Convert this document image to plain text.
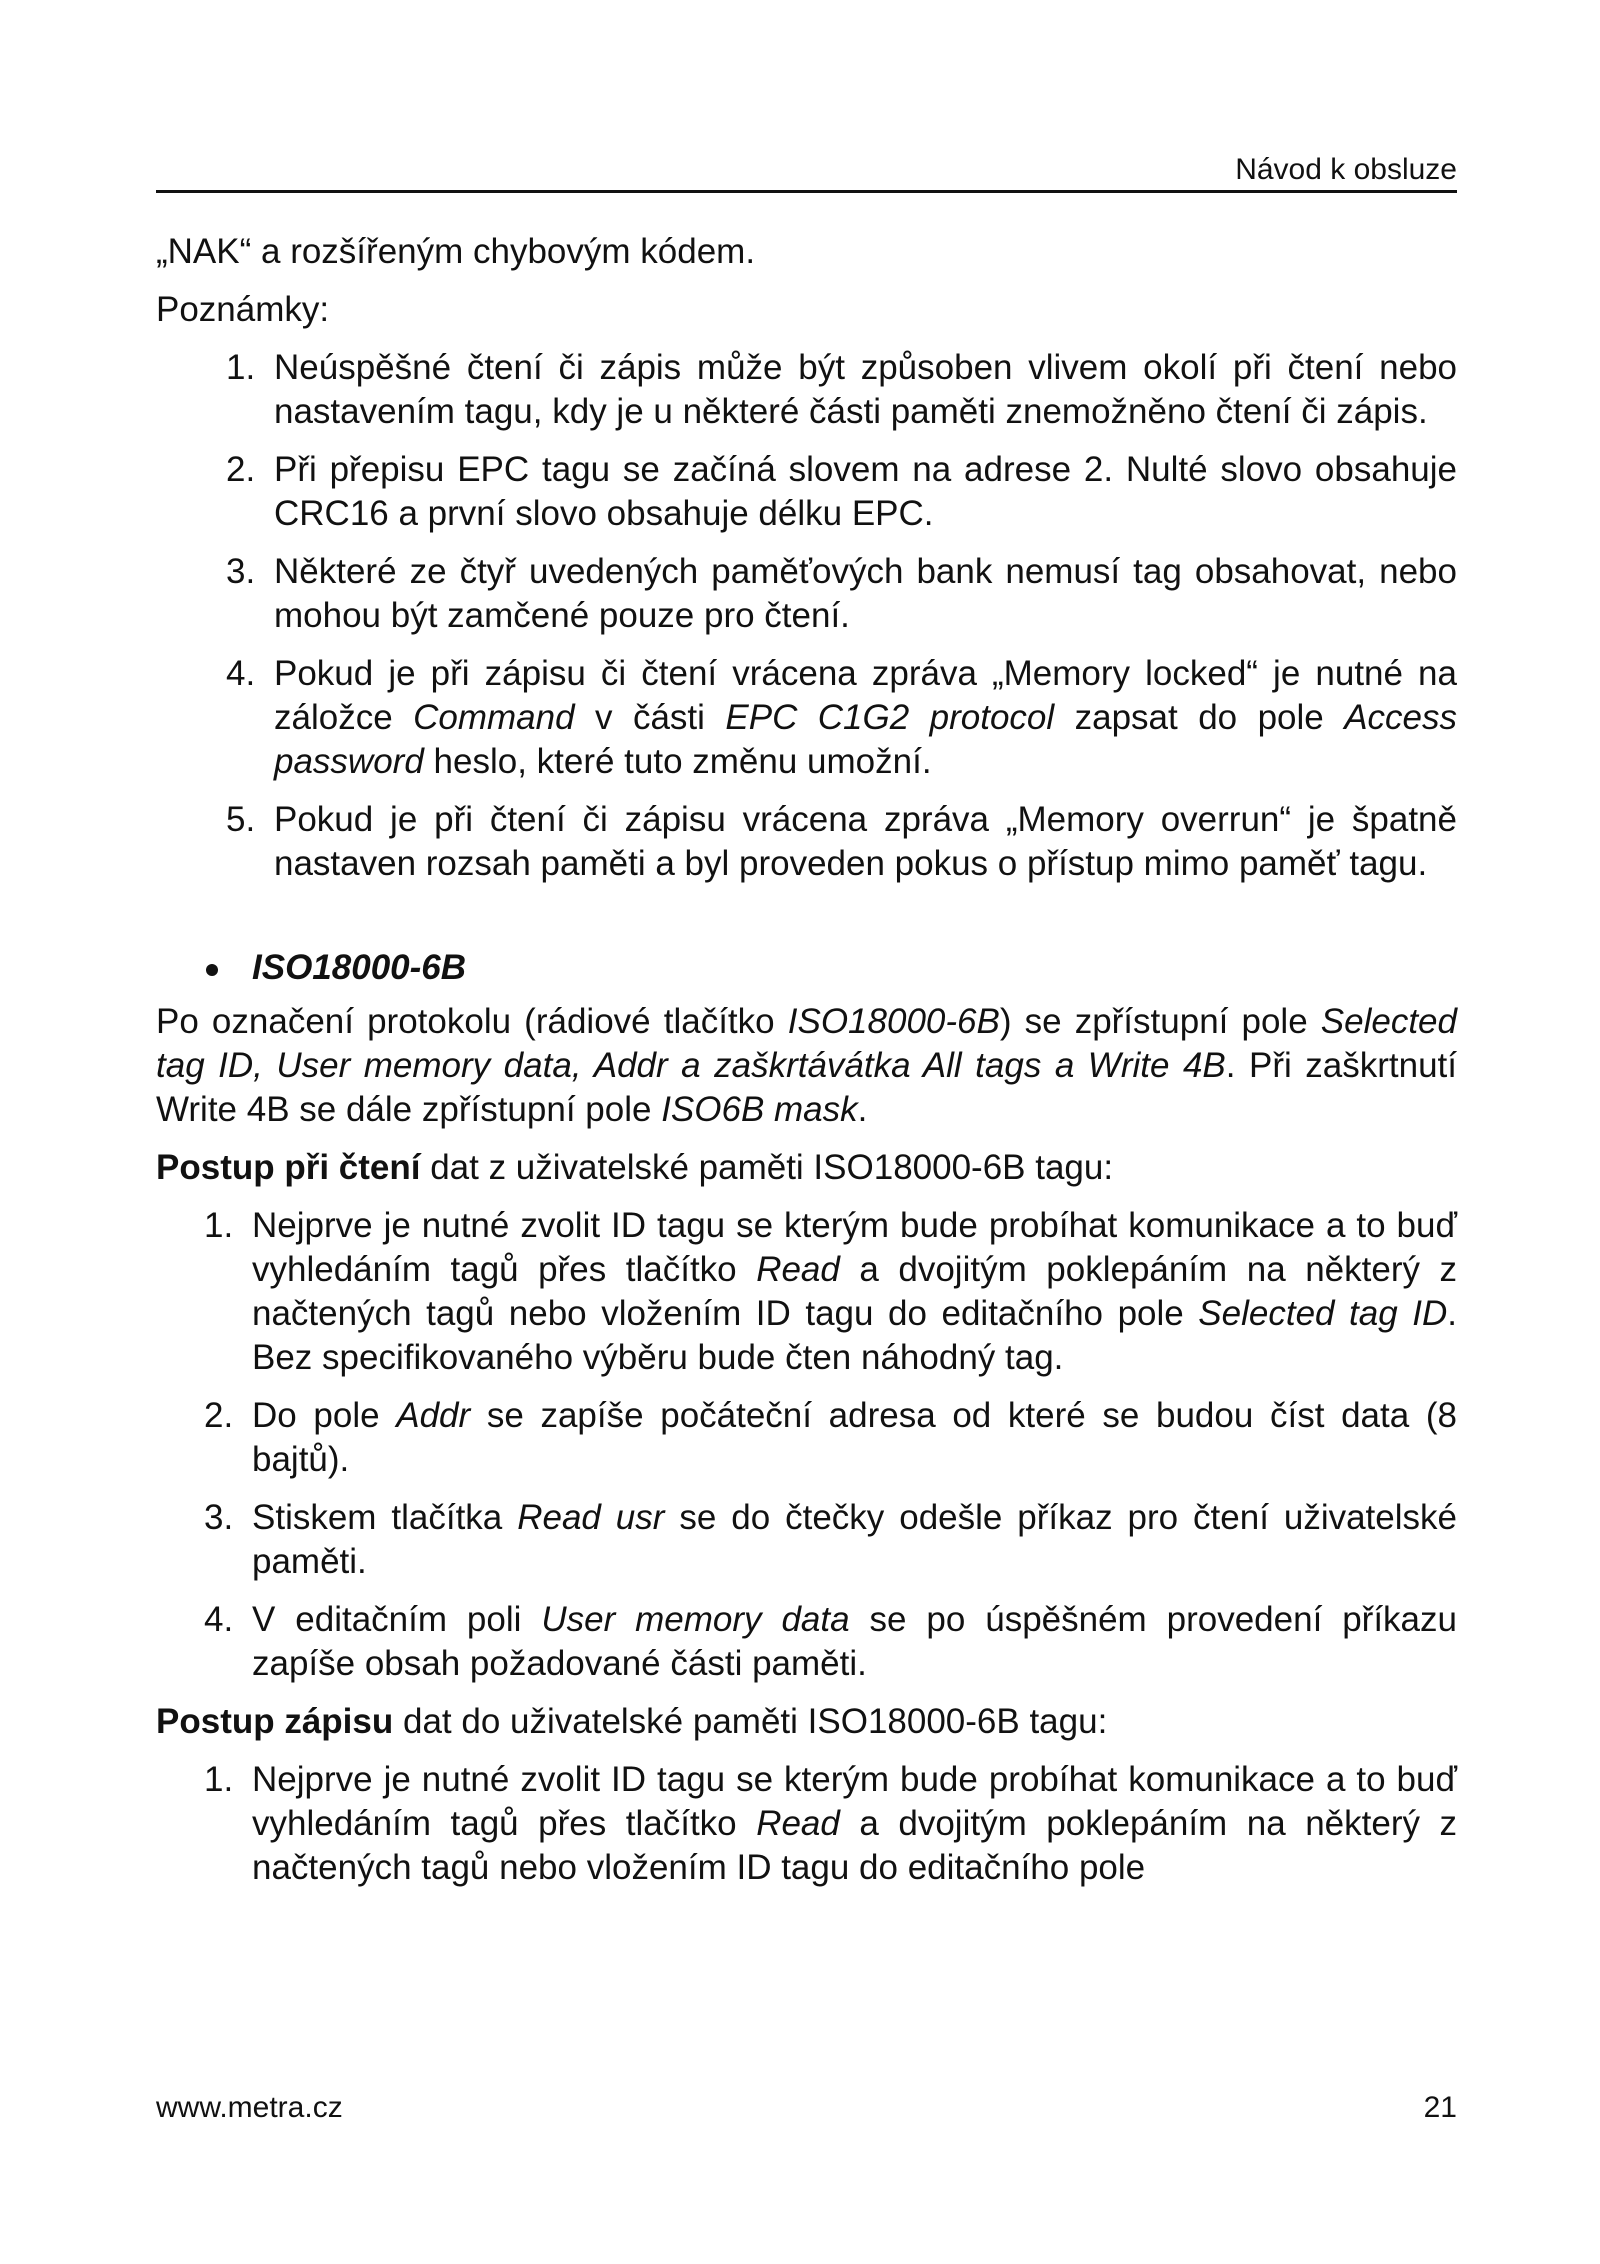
Návod k obsluze

„NAK“ a rozšířeným chybovým kódem.

Poznámky:

1. Neúspěšné čtení či zápis může být způsoben vlivem okolí při čtení nebo nastavením tagu, kdy je u některé části paměti znemožněno čtení či zápis.
2. Při přepisu EPC tagu se začíná slovem na adrese 2. Nulté slovo obsahuje CRC16 a první slovo obsahuje délku EPC.
3. Některé ze čtyř uvedených paměťových bank nemusí tag obsahovat, nebo mohou být zamčené pouze pro čtení.
4. Pokud je při zápisu či čtení vrácena zpráva „Memory locked“ je nutné na záložce Command v části EPC C1G2 protocol zapsat do pole Access password heslo, které tuto změnu umožní.
5. Pokud je při čtení či zápisu vrácena zpráva „Memory overrun“ je špatně nastaven rozsah paměti a byl proveden pokus o přístup mimo paměť tagu.
ISO18000-6B

Po označení protokolu (rádiové tlačítko ISO18000-6B) se zpřístupní pole Selected tag ID, User memory data, Addr a zaškrtávátka All tags a Write 4B. Při zaškrtnutí Write 4B se dále zpřístupní pole ISO6B mask.

Postup při čtení dat z uživatelské paměti ISO18000-6B tagu:

1. Nejprve je nutné zvolit ID tagu se kterým bude probíhat komunikace a to buď vyhledáním tagů přes tlačítko Read a dvojitým poklepáním na některý z načtených tagů nebo vložením ID tagu do editačního pole Selected tag ID. Bez specifikovaného výběru bude čten náhodný tag.
2. Do pole Addr se zapíše počáteční adresa od které se budou číst data (8 bajtů).
3. Stiskem tlačítka Read usr se do čtečky odešle příkaz pro čtení uživatelské paměti.
4. V editačním poli User memory data se po úspěšném provedení příkazu zapíše obsah požadované části paměti.

Postup zápisu dat do uživatelské paměti ISO18000-6B tagu:

1. Nejprve je nutné zvolit ID tagu se kterým bude probíhat komunikace a to buď vyhledáním tagů přes tlačítko Read a dvojitým poklepáním na některý z načtených tagů nebo vložením ID tagu do editačního pole
www.metra.cz	21
